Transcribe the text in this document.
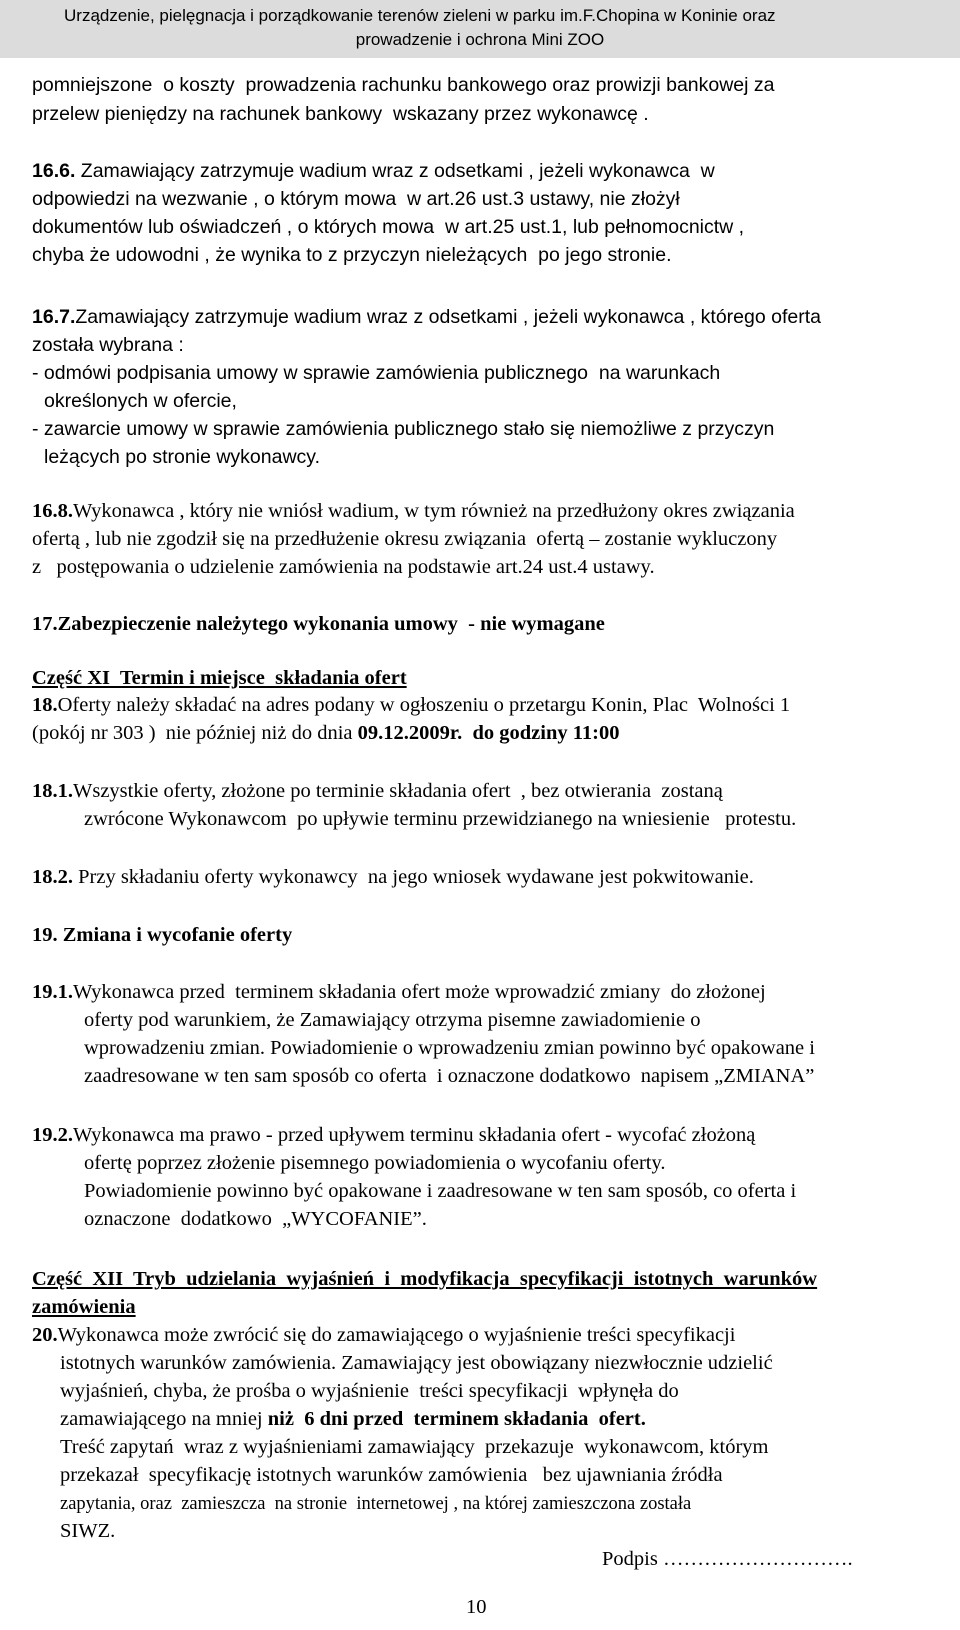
Urządzenie, pielęgnacja i porządkowanie terenów zieleni w parku im.F.Chopina w Koninie oraz
prowadzenie i ochrona Mini ZOO
pomniejszone  o koszty  prowadzenia rachunku bankowego oraz prowizji bankowej za
przelew pieniędzy na rachunek bankowy  wskazany przez wykonawcę .
16.6. Zamawiający zatrzymuje wadium wraz z odsetkami , jeżeli wykonawca  w
odpowiedzi na wezwanie , o którym mowa  w art.26 ust.3 ustawy, nie złożył
dokumentów lub oświadczeń , o których mowa  w art.25 ust.1, lub pełnomocnictw ,
chyba że udowodni , że wynika to z przyczyn nieleżących  po jego stronie.
16.7.Zamawiający zatrzymuje wadium wraz z odsetkami , jeżeli wykonawca , którego oferta
została wybrana :
- odmówi podpisania umowy w sprawie zamówienia publicznego  na warunkach
określonych w ofercie,
- zawarcie umowy w sprawie zamówienia publicznego stało się niemożliwe z przyczyn
leżących po stronie wykonawcy.
16.8.Wykonawca , który nie wniósł wadium, w tym również na przedłużony okres związania
ofertą , lub nie zgodził się na przedłużenie okresu związania  ofertą – zostanie wykluczony
z   postępowania o udzielenie zamówienia na podstawie art.24 ust.4 ustawy.
17.Zabezpieczenie należytego wykonania umowy  - nie wymagane
Część XI  Termin i miejsce  składania ofert
18.Oferty należy składać na adres podany w ogłoszeniu o przetargu Konin, Plac  Wolności 1
(pokój nr 303 )  nie później niż do dnia 09.12.2009r.  do godziny 11:00
18.1.Wszystkie oferty, złożone po terminie składania ofert  , bez otwierania  zostaną
zwrócone Wykonawcom  po upływie terminu przewidzianego na wniesienie   protestu.
18.2. Przy składaniu oferty wykonawcy  na jego wniosek wydawane jest pokwitowanie.
19. Zmiana i wycofanie oferty
19.1.Wykonawca przed  terminem składania ofert może wprowadzić zmiany  do złożonej
oferty pod warunkiem, że Zamawiający otrzyma pisemne zawiadomienie o
wprowadzeniu zmian. Powiadomienie o wprowadzeniu zmian powinno być opakowane i
zaadresowane w ten sam sposób co oferta  i oznaczone dodatkowo  napisem „ZMIANA”
19.2.Wykonawca ma prawo - przed upływem terminu składania ofert - wycofać złożoną
ofertę poprzez złożenie pisemnego powiadomienia o wycofaniu oferty.
Powiadomienie powinno być opakowane i zaadresowane w ten sam sposób, co oferta i
oznaczone  dodatkowo  „WYCOFANIE”.
Część  XII  Tryb  udzielania  wyjaśnień  i  modyfikacja  specyfikacji  istotnych  warunków
zamówienia
20.Wykonawca może zwrócić się do zamawiającego o wyjaśnienie treści specyfikacji
istotnych warunków zamówienia. Zamawiający jest obowiązany niezwłocznie udzielić
wyjaśnień, chyba, że prośba o wyjaśnienie  treści specyfikacji  wpłynęła do
zamawiającego na mniej niż  6 dni przed  terminem składania  ofert.
Treść zapytań  wraz z wyjaśnieniami zamawiający  przekazuje  wykonawcom, którym
przekazał  specyfikację istotnych warunków zamówienia   bez ujawniania źródła
zapytania, oraz  zamieszcza  na stronie  internetowej , na której zamieszczona została
SIWZ.
Podpis ……………………….
10
